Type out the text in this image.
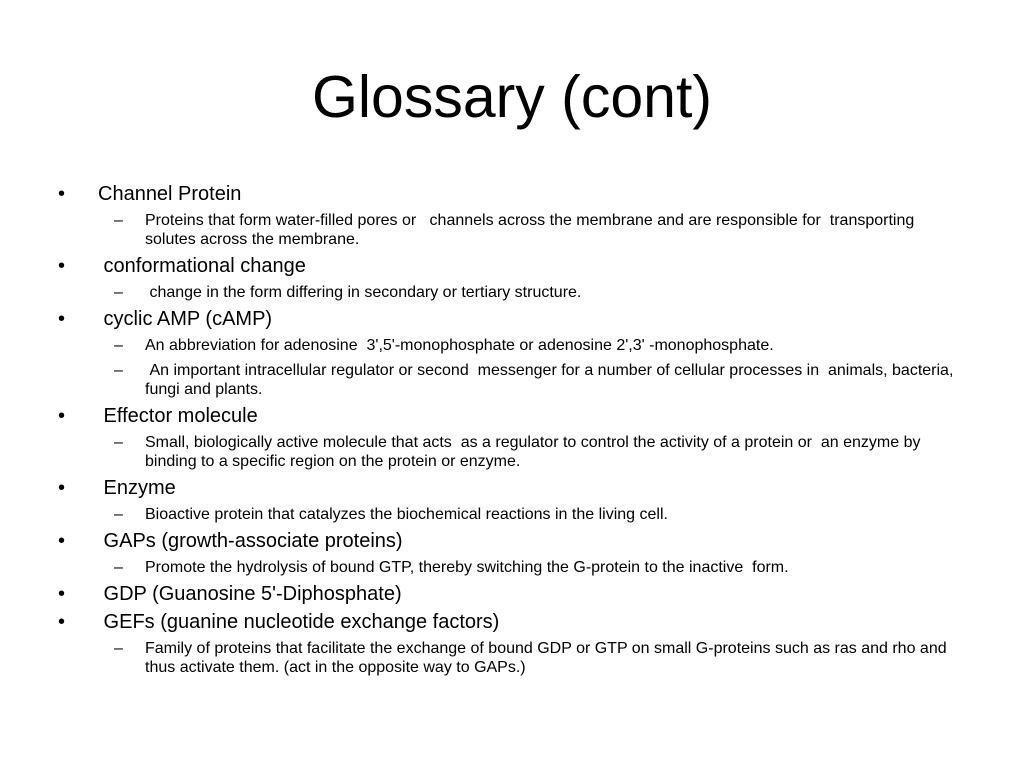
Glossary (cont)
• Channel Protein
– Proteins that form water-filled pores or   channels across the membrane and are responsible for  transporting solutes across the membrane.
• conformational change
– change in the form differing in secondary or tertiary structure.
• cyclic AMP (cAMP)
– An abbreviation for adenosine  3',5'-monophosphate or adenosine 2',3' -monophosphate.
– An important intracellular regulator or second  messenger for a number of cellular processes in  animals, bacteria, fungi and plants.
• Effector molecule
– Small, biologically active molecule that acts  as a regulator to control the activity of a protein or  an enzyme by binding to a specific region on the protein or enzyme.
• Enzyme
– Bioactive protein that catalyzes the biochemical reactions in the living cell.
• GAPs (growth-associate proteins)
– Promote the hydrolysis of bound GTP, thereby switching the G-protein to the inactive  form.
• GDP (Guanosine 5'-Diphosphate)
• GEFs (guanine nucleotide exchange factors)
– Family of proteins that facilitate the exchange of bound GDP or GTP on small G-proteins such as ras and rho and thus activate them. (act in the opposite way to GAPs.)
